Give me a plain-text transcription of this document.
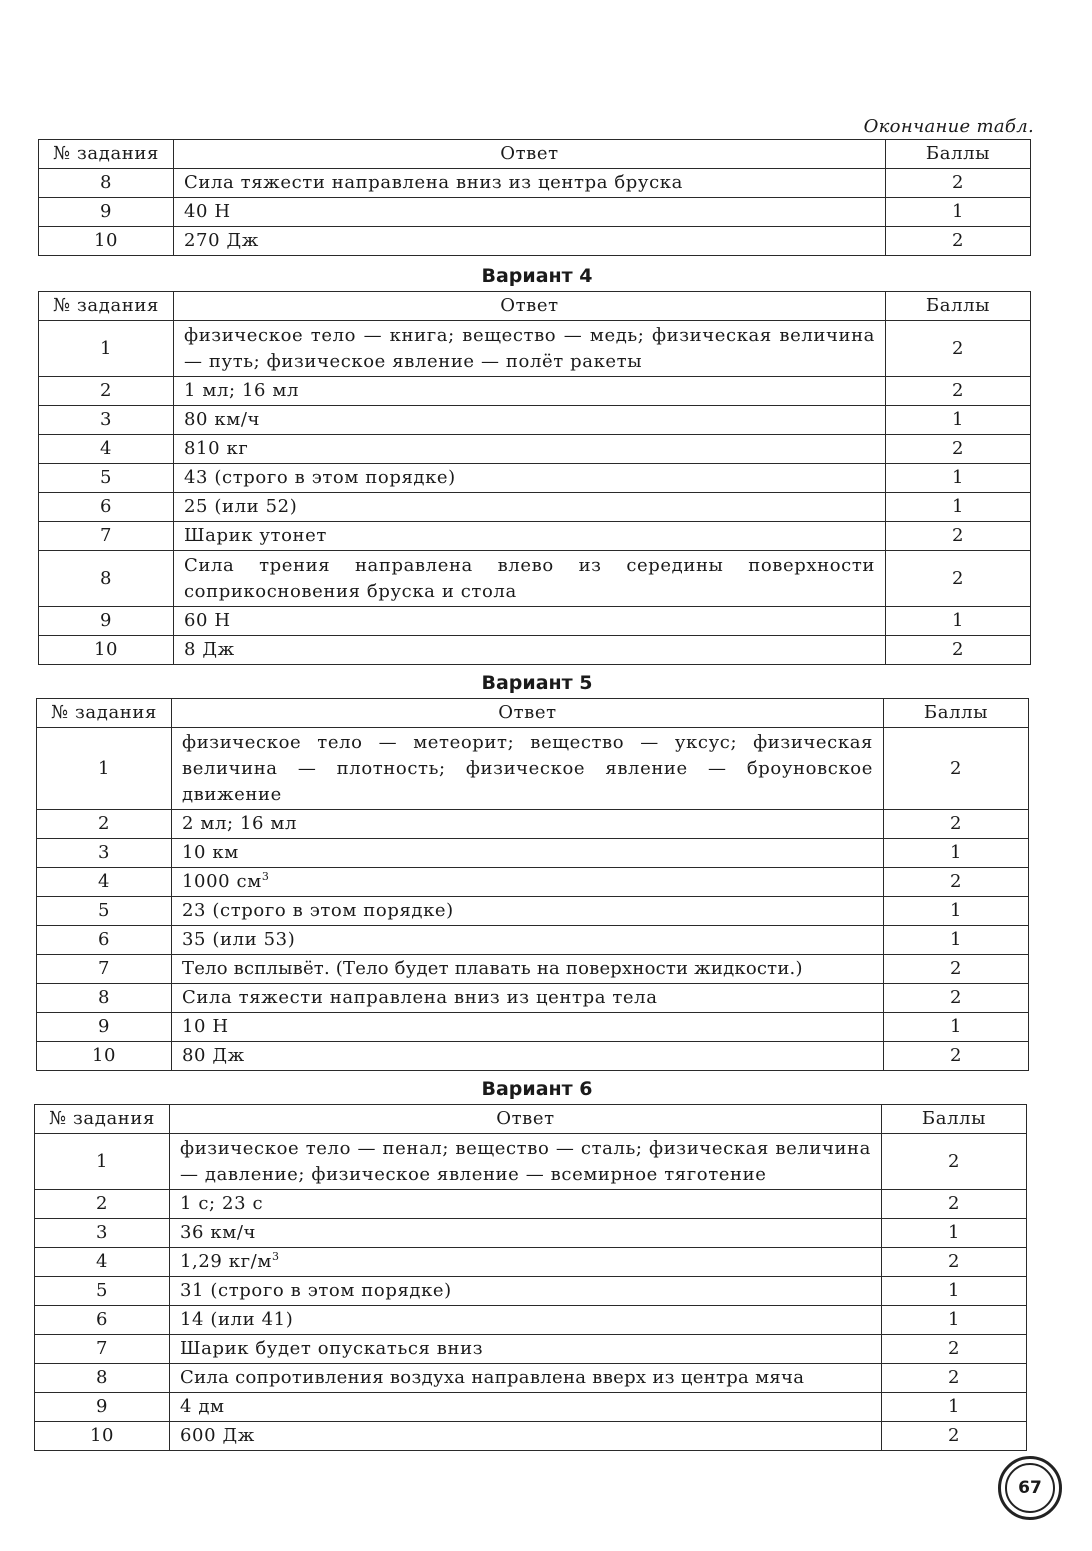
Окончание табл.
№ задания	Ответ	Баллы
8	Сила тяжести направлена вниз из центра бруска	2
9	40 Н	1
10	270 Дж	2
Вариант 4
№ задания	Ответ	Баллы
1	физическое тело — книга; вещество — медь; физическая величина — путь; физическое явление — полёт ракеты	2
2	1 мл; 16 мл	2
3	80 км/ч	1
4	810 кг	2
5	43 (строго в этом порядке)	1
6	25 (или 52)	1
7	Шарик утонет	2
8	Сила трения направлена влево из середины поверхности соприкосновения бруска и стола	2
9	60 Н	1
10	8 Дж	2
Вариант 5
№ задания	Ответ	Баллы
1	физическое тело — метеорит; вещество — уксус; физическая величина — плотность; физическое явление — броуновское движение	2
2	2 мл; 16 мл	2
3	10 км	1
4	1000 $см^3$	2
5	23 (строго в этом порядке)	1
6	35 (или 53)	1
7	Тело всплывёт. (Тело будет плавать на поверхности жидкости.)	2
8	Сила тяжести направлена вниз из центра тела	2
9	10 Н	1
10	80 Дж	2
Вариант 6
№ задания	Ответ	Баллы
1	физическое тело — пенал; вещество — сталь; физическая величина — давление; физическое явление — всемирное тяготение	2
2	1 с; 23 с	2
3	36 км/ч	1
4	1,29 $кг/м^3$	2
5	31 (строго в этом порядке)	1
6	14 (или 41)	1
7	Шарик будет опускаться вниз	2
8	Сила сопротивления воздуха направлена вверх из центра мяча	2
9	4 дм	1
10	600 Дж	2
67
